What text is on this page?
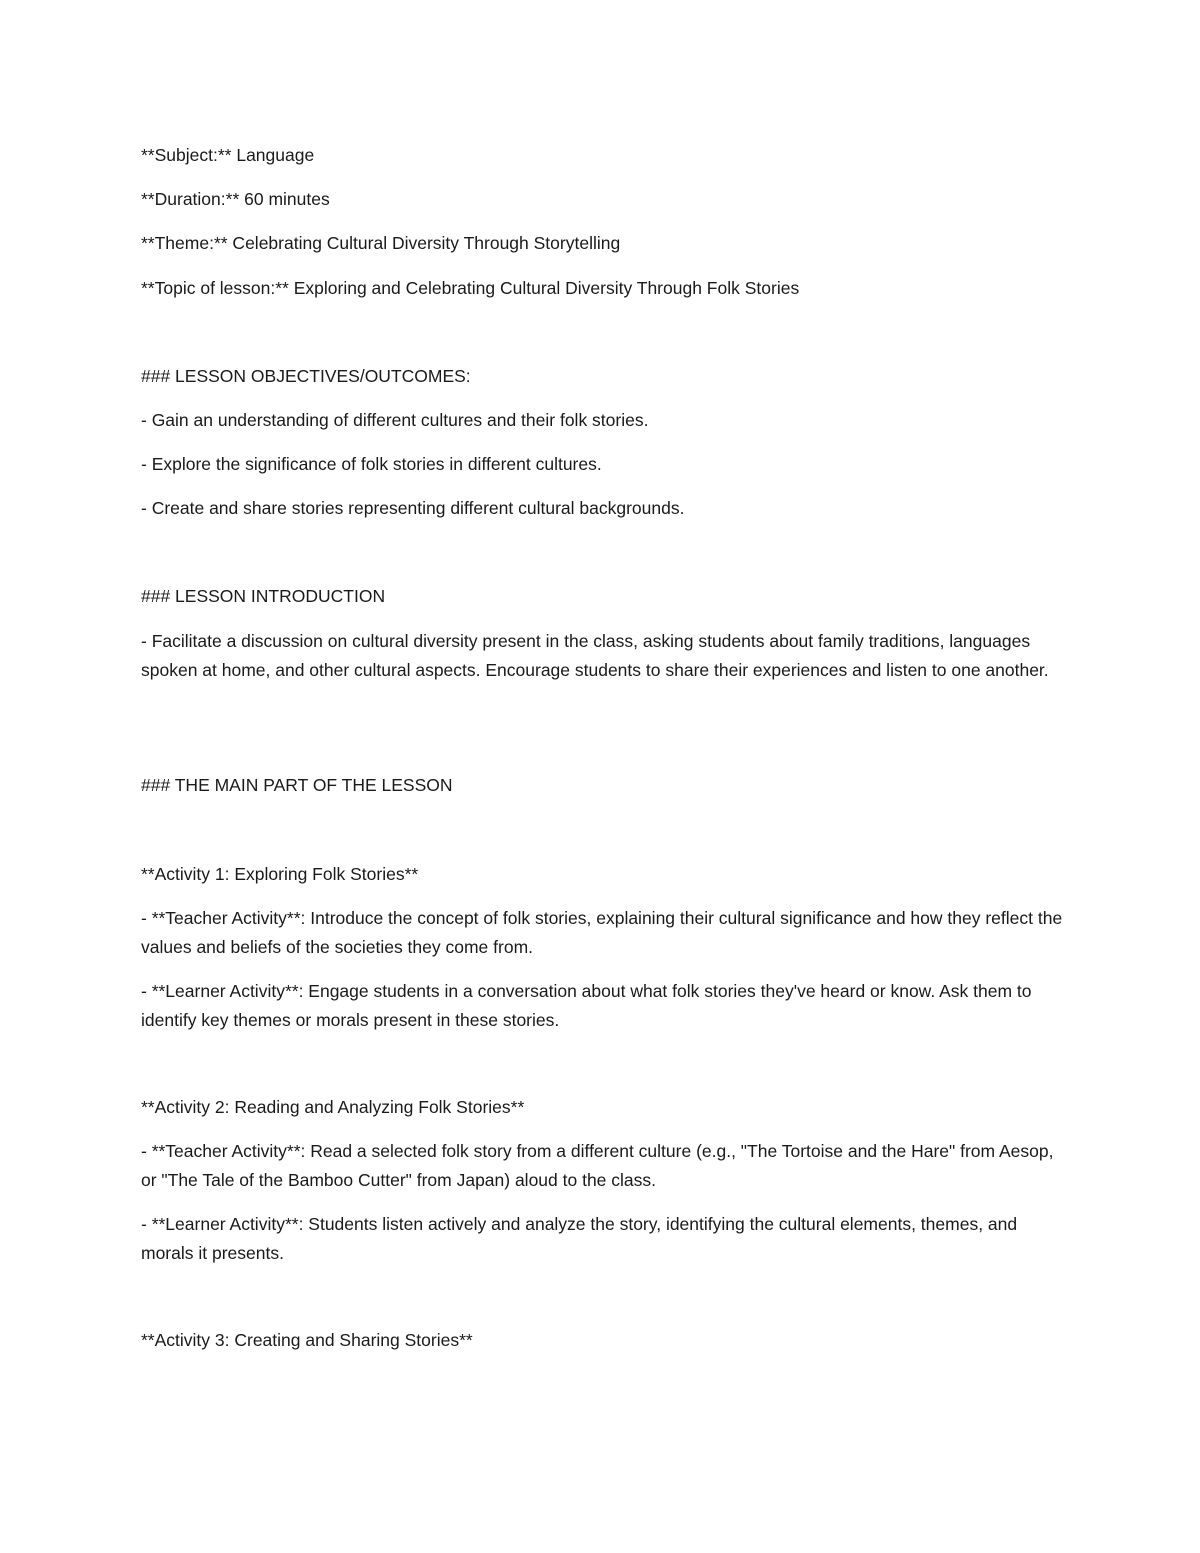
**Subject:** Language

**Duration:** 60 minutes

**Theme:** Celebrating Cultural Diversity Through Storytelling

**Topic of lesson:** Exploring and Celebrating Cultural Diversity Through Folk Stories

### LESSON OBJECTIVES/OUTCOMES:

- Gain an understanding of different cultures and their folk stories.

- Explore the significance of folk stories in different cultures.

- Create and share stories representing different cultural backgrounds.

### LESSON INTRODUCTION

- Facilitate a discussion on cultural diversity present in the class, asking students about family traditions, languages spoken at home, and other cultural aspects. Encourage students to share their experiences and listen to one another.

### THE MAIN PART OF THE LESSON

**Activity 1: Exploring Folk Stories**

- **Teacher Activity**: Introduce the concept of folk stories, explaining their cultural significance and how they reflect the values and beliefs of the societies they come from.

- **Learner Activity**: Engage students in a conversation about what folk stories they've heard or know. Ask them to identify key themes or morals present in these stories.

**Activity 2: Reading and Analyzing Folk Stories**

- **Teacher Activity**: Read a selected folk story from a different culture (e.g., "The Tortoise and the Hare" from Aesop, or "The Tale of the Bamboo Cutter" from Japan) aloud to the class.

- **Learner Activity**: Students listen actively and analyze the story, identifying the cultural elements, themes, and morals it presents.

**Activity 3: Creating and Sharing Stories**
